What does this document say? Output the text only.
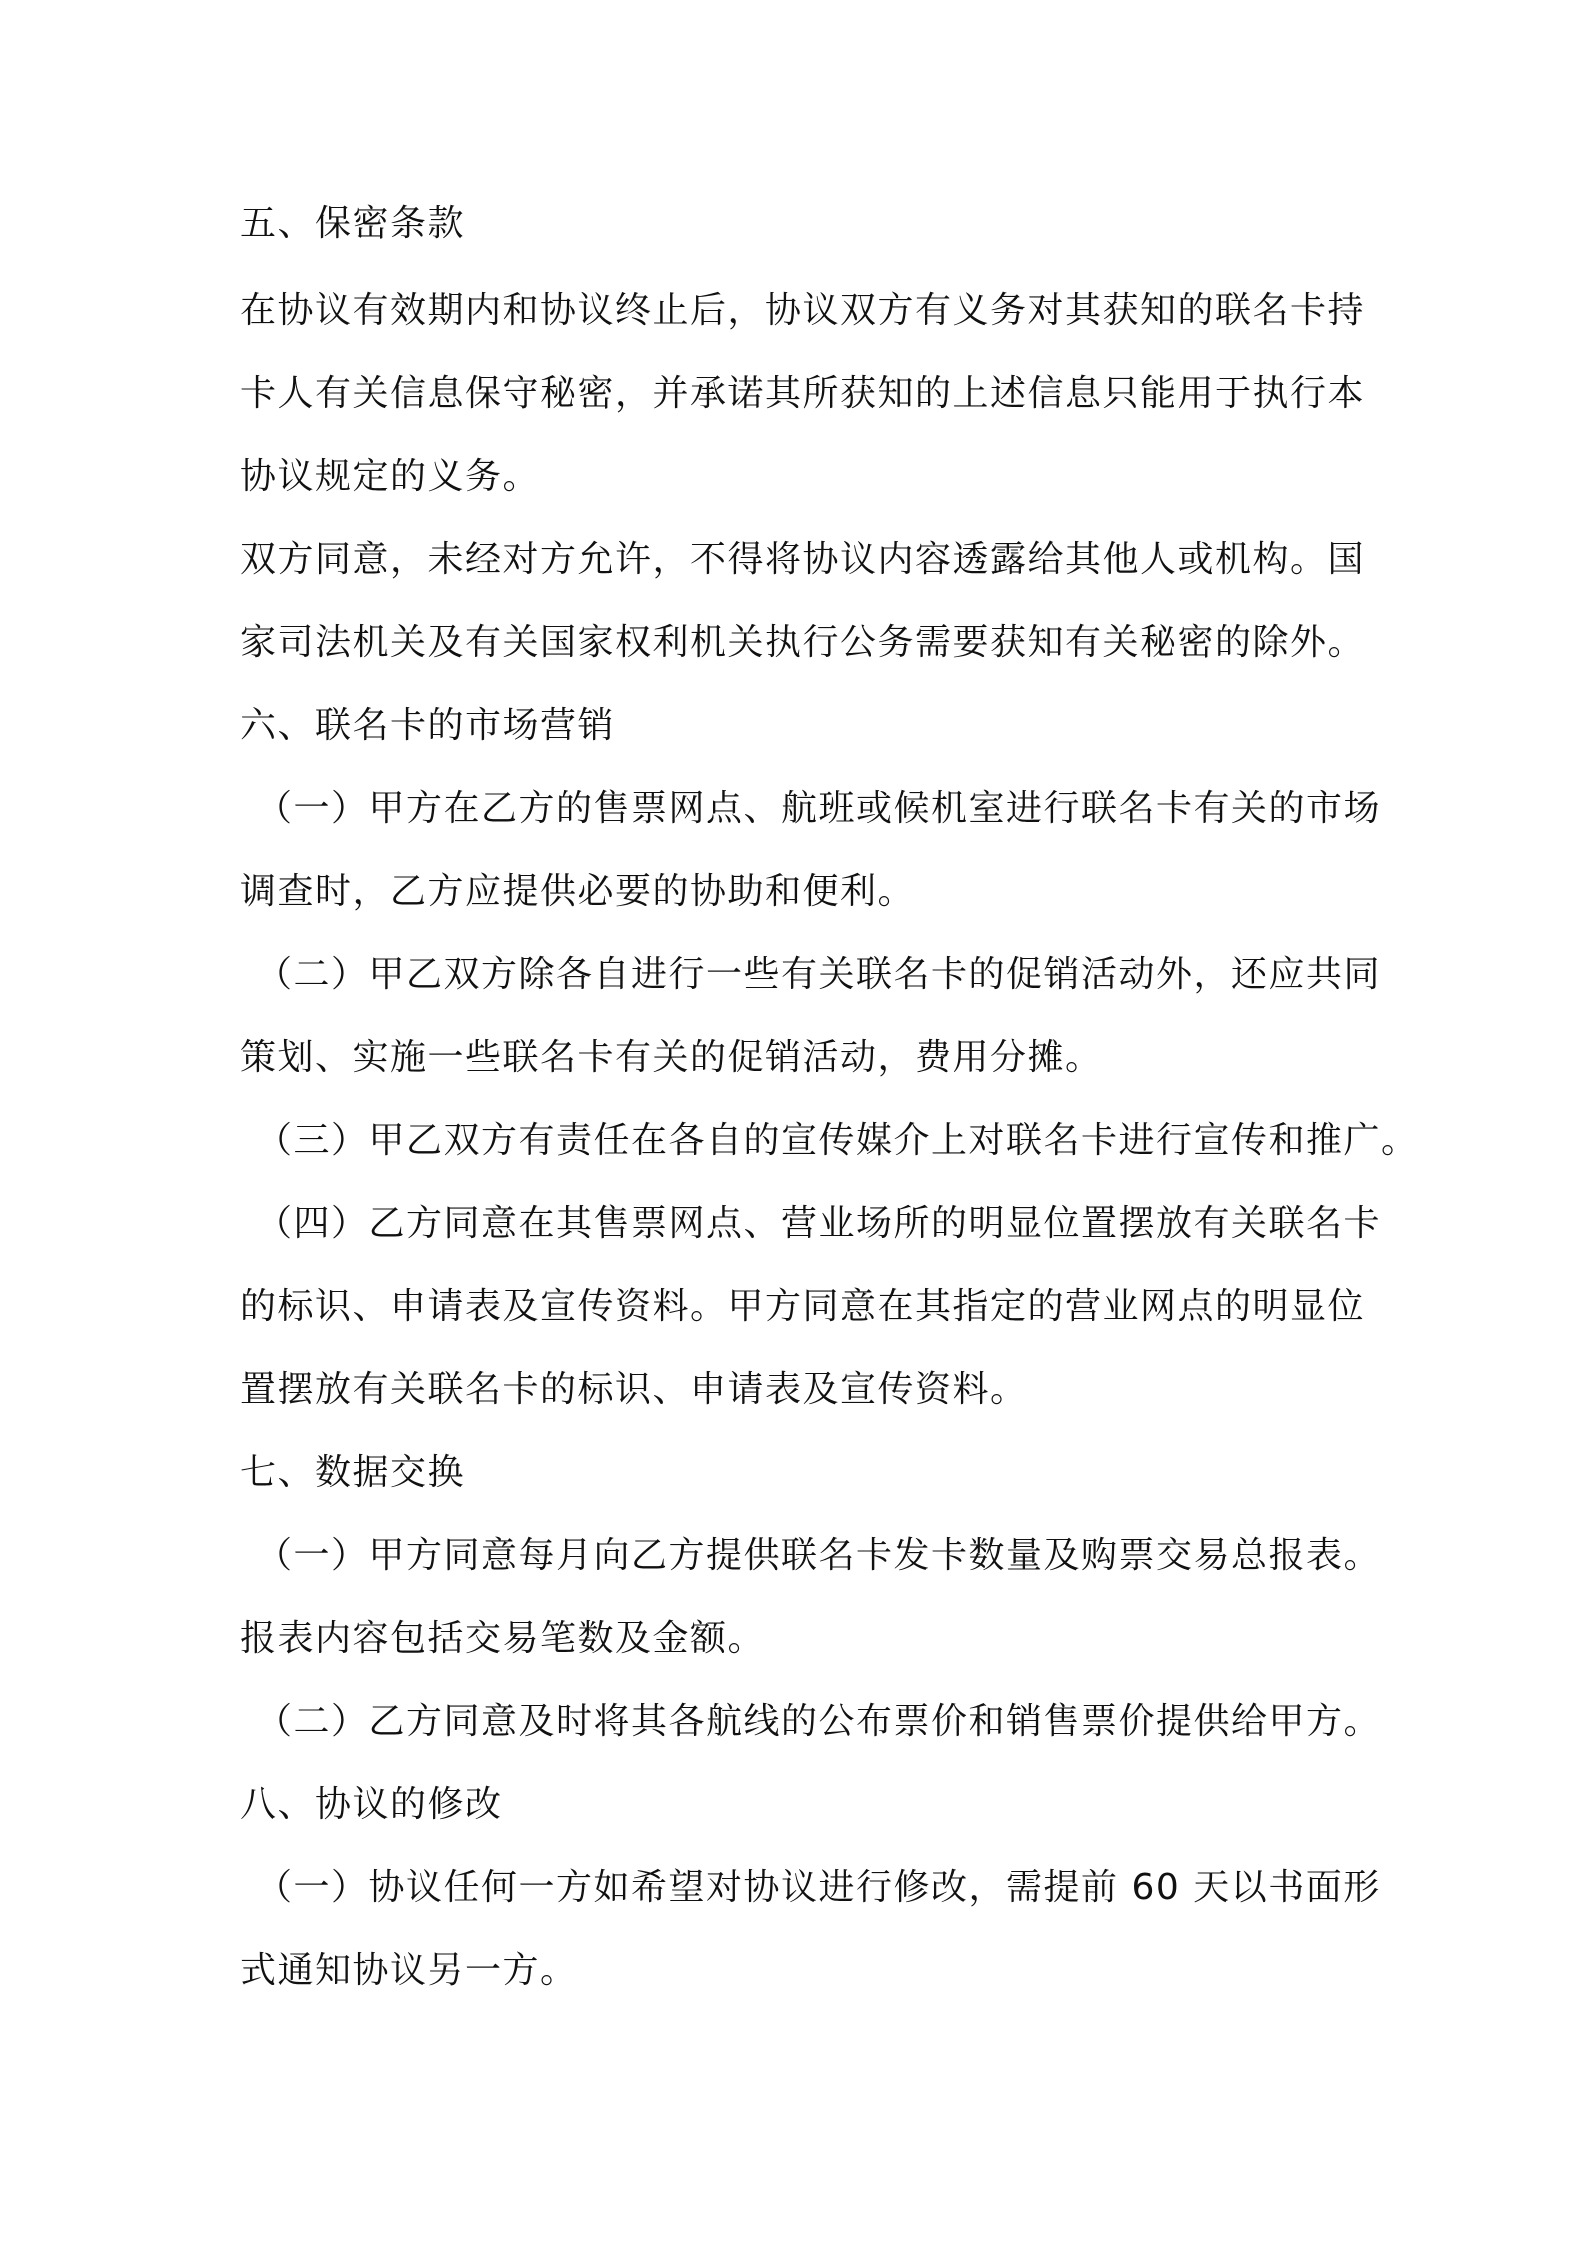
五、保密条款

在协议有效期内和协议终止后，协议双方有义务对其获知的联名卡持

卡人有关信息保守秘密，并承诺其所获知的上述信息只能用于执行本

协议规定的义务。

双方同意，未经对方允许，不得将协议内容透露给其他人或机构。国

家司法机关及有关国家权利机关执行公务需要获知有关秘密的除外。

六、联名卡的市场营销

（一）甲方在乙方的售票网点、航班或候机室进行联名卡有关的市场

调查时，乙方应提供必要的协助和便利。

（二）甲乙双方除各自进行一些有关联名卡的促销活动外，还应共同

策划、实施一些联名卡有关的促销活动，费用分摊。

（三）甲乙双方有责任在各自的宣传媒介上对联名卡进行宣传和推广。

（四）乙方同意在其售票网点、营业场所的明显位置摆放有关联名卡

的标识、申请表及宣传资料。甲方同意在其指定的营业网点的明显位

置摆放有关联名卡的标识、申请表及宣传资料。

七、数据交换

（一）甲方同意每月向乙方提供联名卡发卡数量及购票交易总报表。

报表内容包括交易笔数及金额。

（二）乙方同意及时将其各航线的公布票价和销售票价提供给甲方。

八、协议的修改

（一）协议任何一方如希望对协议进行修改，需提前 60 天以书面形

式通知协议另一方。
